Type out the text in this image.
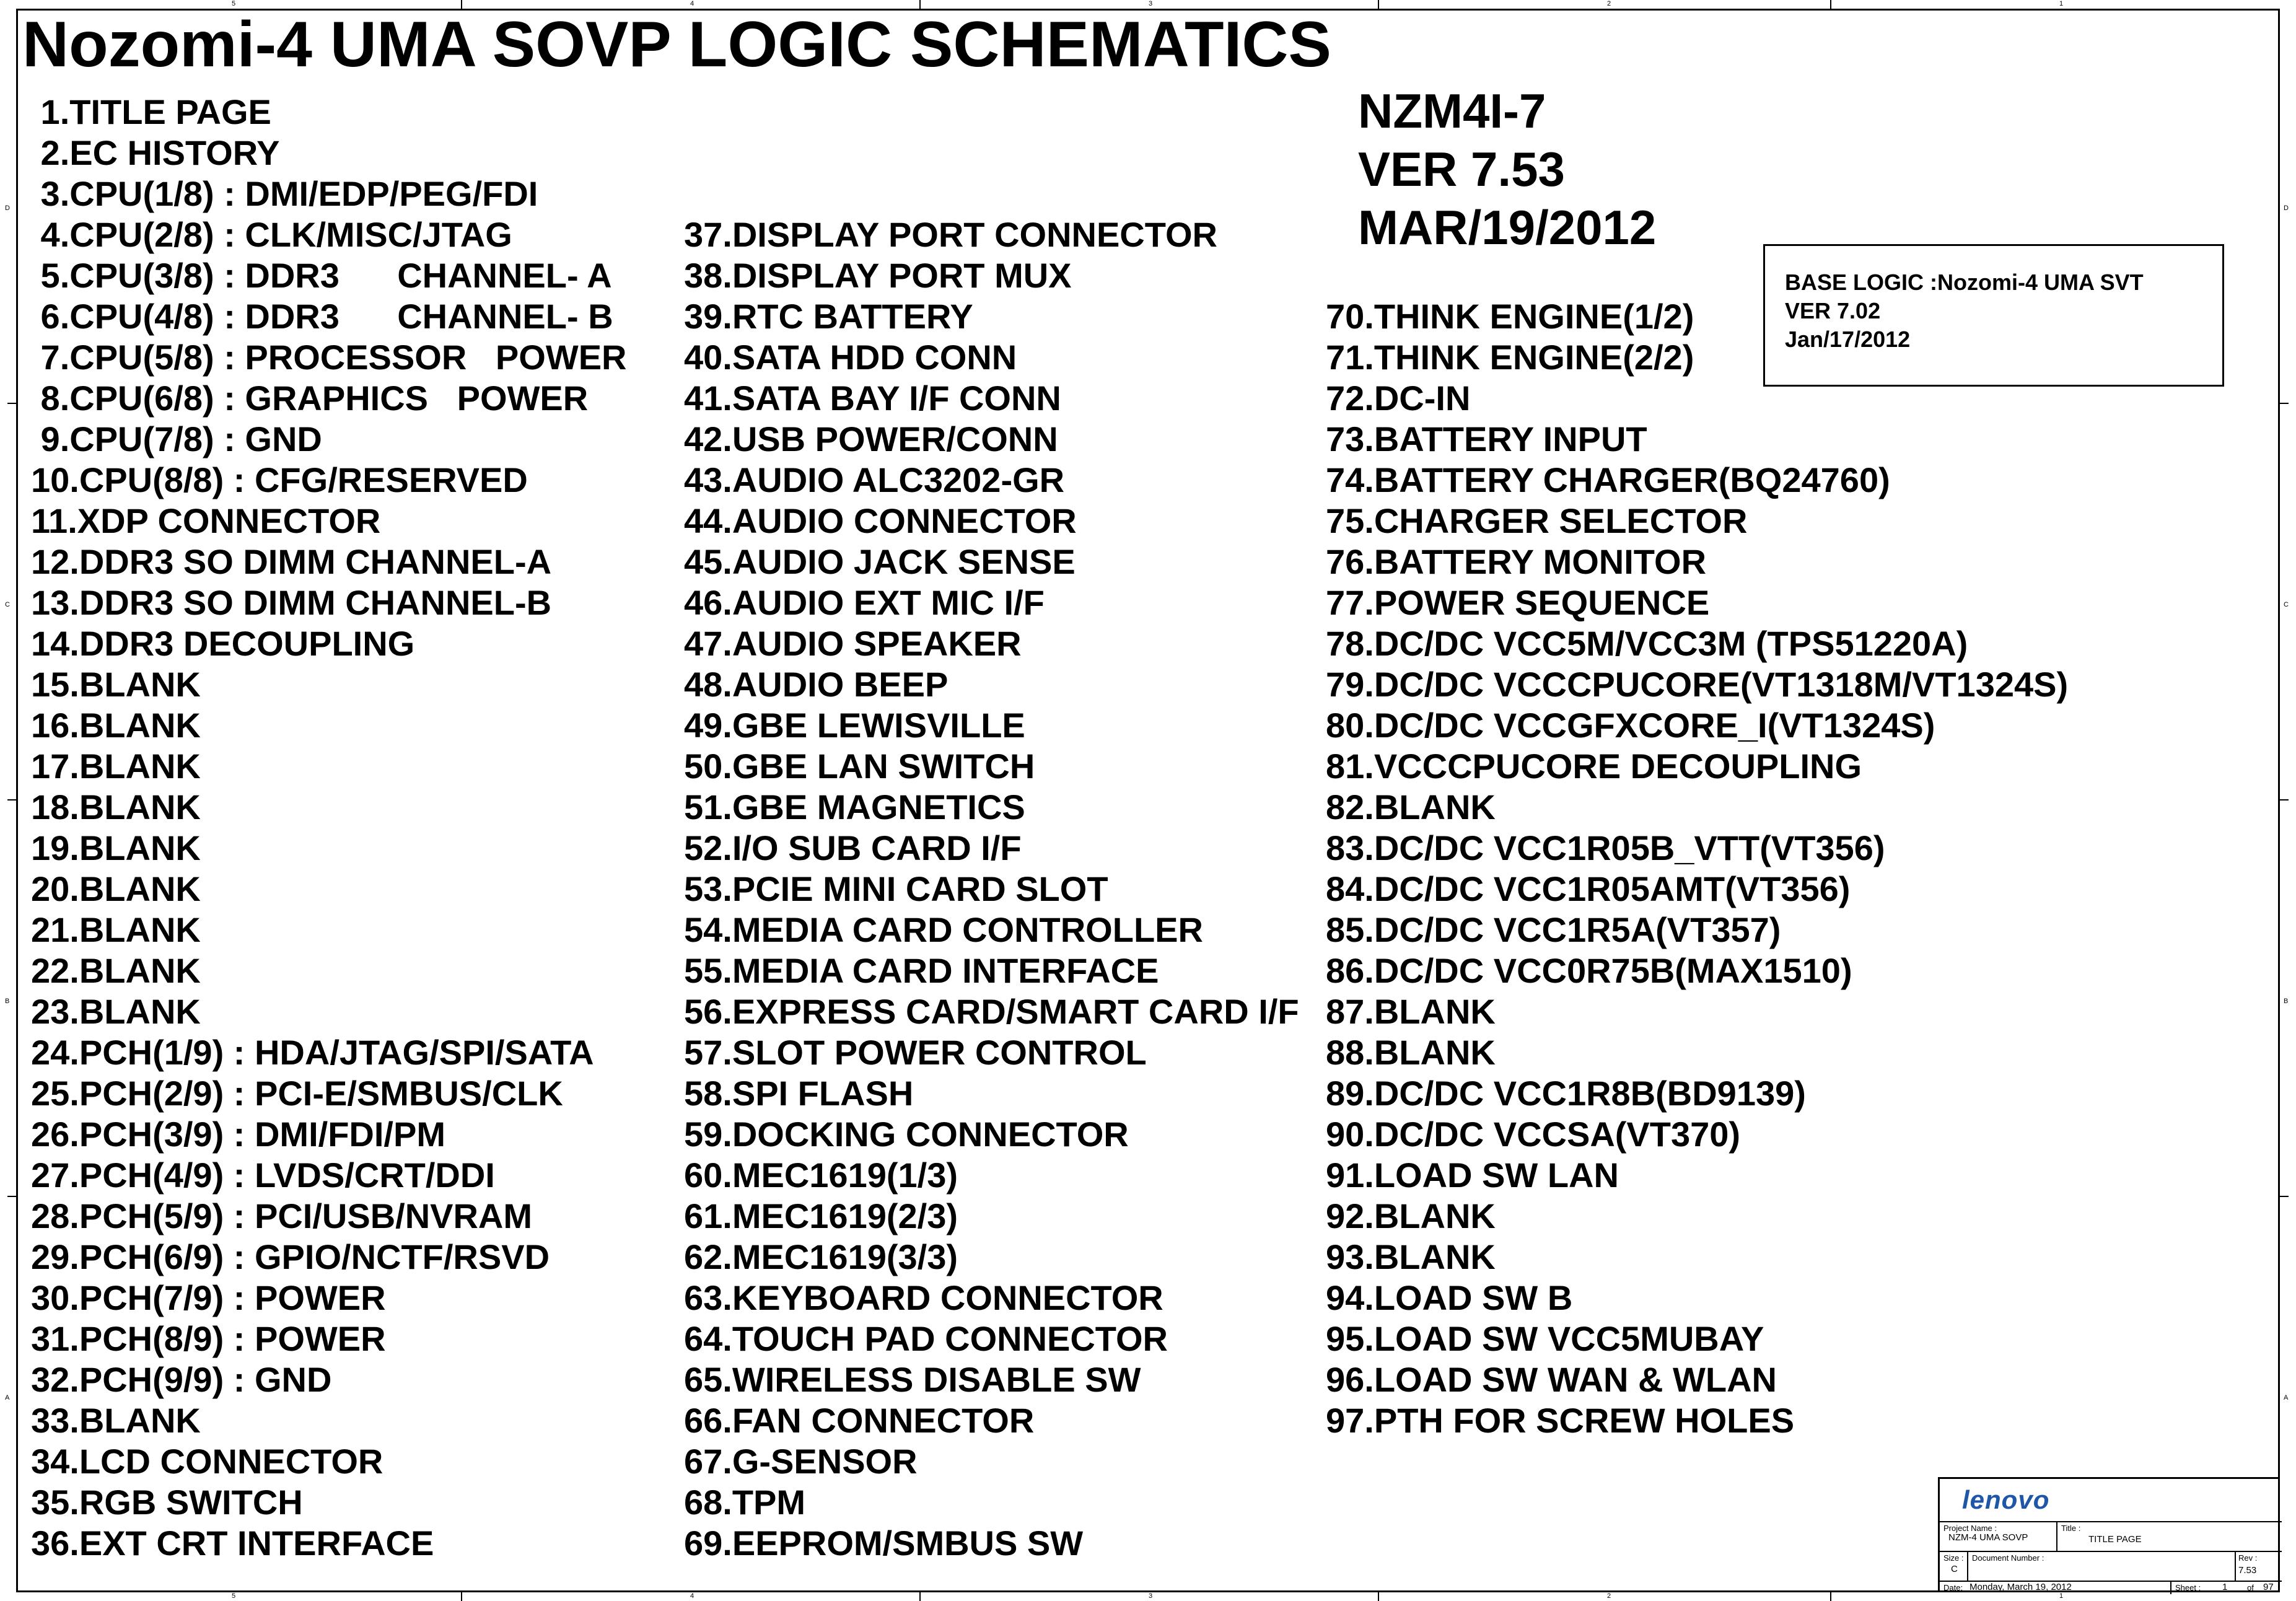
5	4	3	2	1
5	4	3	2	1
D
C
B
A
D
C
B
A
Nozomi-4 UMA SOVP LOGIC SCHEMATICS
1.TITLE PAGE
2.EC HISTORY
3.CPU(1/8) : DMI/EDP/PEG/FDI
4.CPU(2/8) : CLK/MISC/JTAG
5.CPU(3/8) : DDR3      CHANNEL- A
6.CPU(4/8) : DDR3      CHANNEL- B
7.CPU(5/8) : PROCESSOR   POWER
8.CPU(6/8) : GRAPHICS   POWER
9.CPU(7/8) : GND
10.CPU(8/8) : CFG/RESERVED
11.XDP CONNECTOR
12.DDR3 SO DIMM CHANNEL-A
13.DDR3 SO DIMM CHANNEL-B
14.DDR3 DECOUPLING
15.BLANK
16.BLANK
17.BLANK
18.BLANK
19.BLANK
20.BLANK
21.BLANK
22.BLANK
23.BLANK
24.PCH(1/9) : HDA/JTAG/SPI/SATA
25.PCH(2/9) : PCI-E/SMBUS/CLK
26.PCH(3/9) : DMI/FDI/PM
27.PCH(4/9) : LVDS/CRT/DDI
28.PCH(5/9) : PCI/USB/NVRAM
29.PCH(6/9) : GPIO/NCTF/RSVD
30.PCH(7/9) : POWER
31.PCH(8/9) : POWER
32.PCH(9/9) : GND
33.BLANK
34.LCD CONNECTOR
35.RGB SWITCH
36.EXT CRT INTERFACE
37.DISPLAY PORT CONNECTOR
38.DISPLAY PORT MUX
39.RTC BATTERY
40.SATA HDD CONN
41.SATA BAY I/F CONN
42.USB POWER/CONN
43.AUDIO ALC3202-GR
44.AUDIO CONNECTOR
45.AUDIO JACK SENSE
46.AUDIO EXT MIC I/F
47.AUDIO SPEAKER
48.AUDIO BEEP
49.GBE LEWISVILLE
50.GBE LAN SWITCH
51.GBE MAGNETICS
52.I/O SUB CARD I/F
53.PCIE MINI CARD SLOT
54.MEDIA CARD CONTROLLER
55.MEDIA CARD INTERFACE
56.EXPRESS CARD/SMART CARD I/F
57.SLOT POWER CONTROL
58.SPI FLASH
59.DOCKING CONNECTOR
60.MEC1619(1/3)
61.MEC1619(2/3)
62.MEC1619(3/3)
63.KEYBOARD CONNECTOR
64.TOUCH PAD CONNECTOR
65.WIRELESS DISABLE SW
66.FAN CONNECTOR
67.G-SENSOR
68.TPM
69.EEPROM/SMBUS SW
70.THINK ENGINE(1/2)
71.THINK ENGINE(2/2)
72.DC-IN
73.BATTERY INPUT
74.BATTERY CHARGER(BQ24760)
75.CHARGER SELECTOR
76.BATTERY MONITOR
77.POWER SEQUENCE
78.DC/DC VCC5M/VCC3M (TPS51220A)
79.DC/DC VCCCPUCORE(VT1318M/VT1324S)
80.DC/DC VCCGFXCORE_I(VT1324S)
81.VCCCPUCORE DECOUPLING
82.BLANK
83.DC/DC VCC1R05B_VTT(VT356)
84.DC/DC VCC1R05AMT(VT356)
85.DC/DC VCC1R5A(VT357)
86.DC/DC VCC0R75B(MAX1510)
87.BLANK
88.BLANK
89.DC/DC VCC1R8B(BD9139)
90.DC/DC VCCSA(VT370)
91.LOAD SW LAN
92.BLANK
93.BLANK
94.LOAD SW B
95.LOAD SW VCC5MUBAY
96.LOAD SW WAN & WLAN
97.PTH FOR SCREW HOLES
NZM4I-7
VER 7.53
MAR/19/2012
BASE LOGIC :Nozomi-4 UMA SVT
VER 7.02
Jan/17/2012
lenovo
Project Name :
NZM-4 UMA SOVP
Title :
TITLE PAGE
Size :
C
Document Number :	Rev :
7.53
Date: Monday, March 19, 2012	Sheet : 1 of 97
